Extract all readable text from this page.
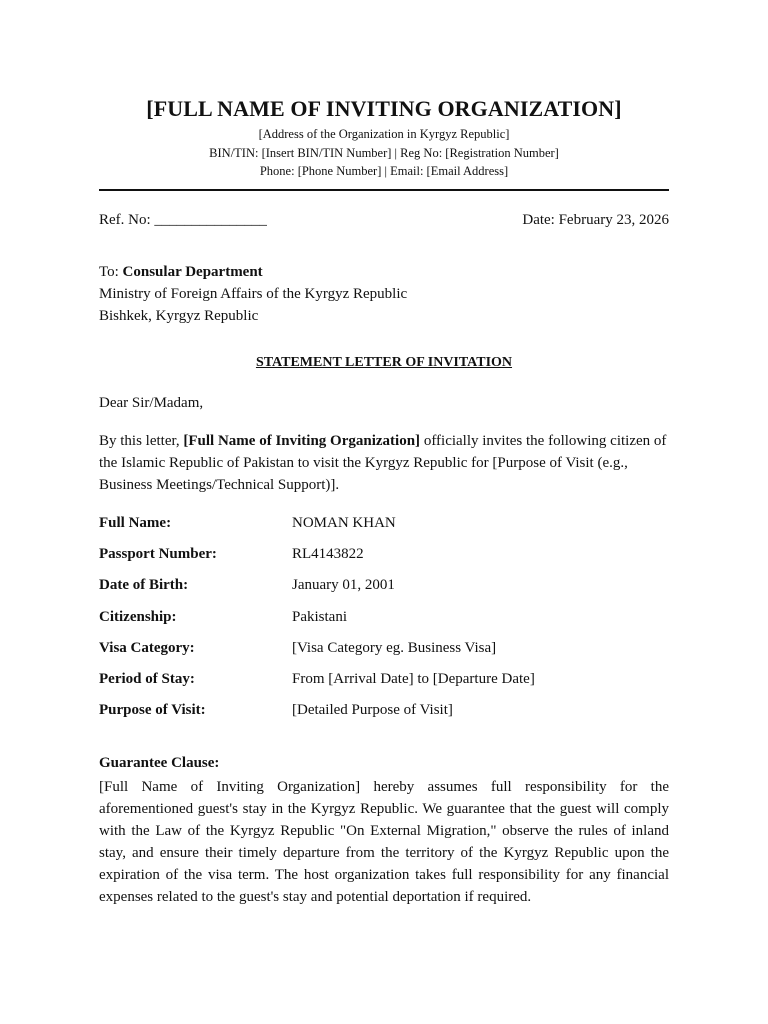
[FULL NAME OF INVITING ORGANIZATION]
[Address of the Organization in Kyrgyz Republic]
BIN/TIN: [Insert BIN/TIN Number] | Reg No: [Registration Number]
Phone: [Phone Number] | Email: [Email Address]
Ref. No: _______________	Date: February 23, 2026
To: Consular Department
Ministry of Foreign Affairs of the Kyrgyz Republic
Bishkek, Kyrgyz Republic
STATEMENT LETTER OF INVITATION
Dear Sir/Madam,
By this letter, [Full Name of Inviting Organization] officially invites the following citizen of the Islamic Republic of Pakistan to visit the Kyrgyz Republic for [Purpose of Visit (e.g., Business Meetings/Technical Support)].
Full Name:	NOMAN KHAN
Passport Number:	RL4143822
Date of Birth:	January 01, 2001
Citizenship:	Pakistani
Visa Category:	[Visa Category eg. Business Visa]
Period of Stay:	From [Arrival Date] to [Departure Date]
Purpose of Visit:	[Detailed Purpose of Visit]
Guarantee Clause:
[Full Name of Inviting Organization] hereby assumes full responsibility for the aforementioned guest's stay in the Kyrgyz Republic. We guarantee that the guest will comply with the Law of the Kyrgyz Republic "On External Migration," observe the rules of inland stay, and ensure their timely departure from the territory of the Kyrgyz Republic upon the expiration of the visa term. The host organization takes full responsibility for any financial expenses related to the guest's stay and potential deportation if required.
